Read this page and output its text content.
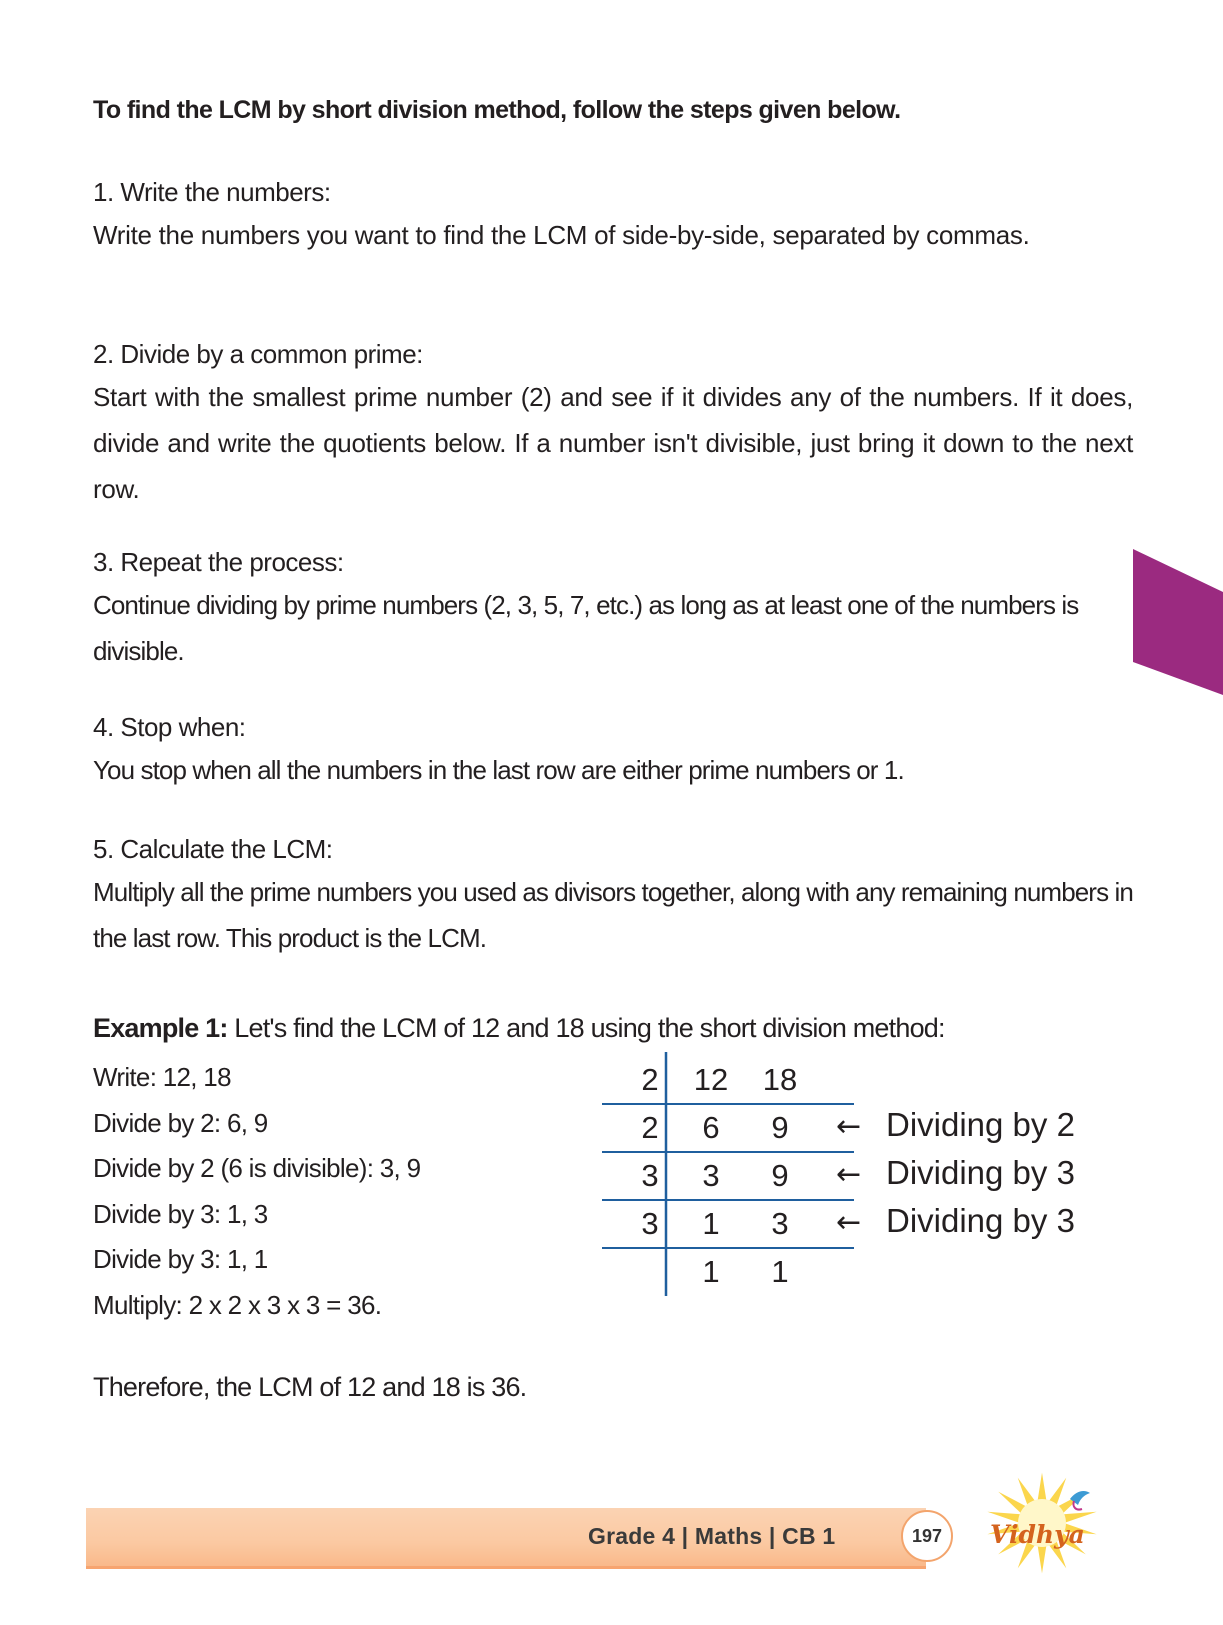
To find the LCM by short division method, follow the steps given below.
1. Write the numbers:
Write the numbers you want to find the LCM of side-by-side, separated by commas.
2. Divide by a common prime:
Start with the smallest prime number (2) and see if it divides any of the numbers. If it does, divide and write the quotients below. If a number isn't divisible, just bring it down to the next row.
3. Repeat the process:
Continue dividing by prime numbers (2, 3, 5, 7, etc.) as long as at least one of the numbers is divisible.
4. Stop when:
You stop when all the numbers in the last row are either prime numbers or 1.
5. Calculate the LCM:
Multiply all the prime numbers you used as divisors together, along with any remaining numbers in the last row. This product is the LCM.
Example 1: Let's find the LCM of 12 and 18 using the short division method:
Write: 12, 18
Divide by 2: 6, 9
Divide by 2 (6 is divisible): 3, 9
Divide by 3: 1, 3
Divide by 3: 1, 1
Multiply: 2 x 2 x 3 x 3 = 36.
2 12 18
2 6 9 ← Dividing by 2
3 3 9 ← Dividing by 3
3 1 3 ← Dividing by 3
1 1
Therefore, the LCM of 12 and 18 is 36.
Grade 4 | Maths | CB 1	197	Vidhya
